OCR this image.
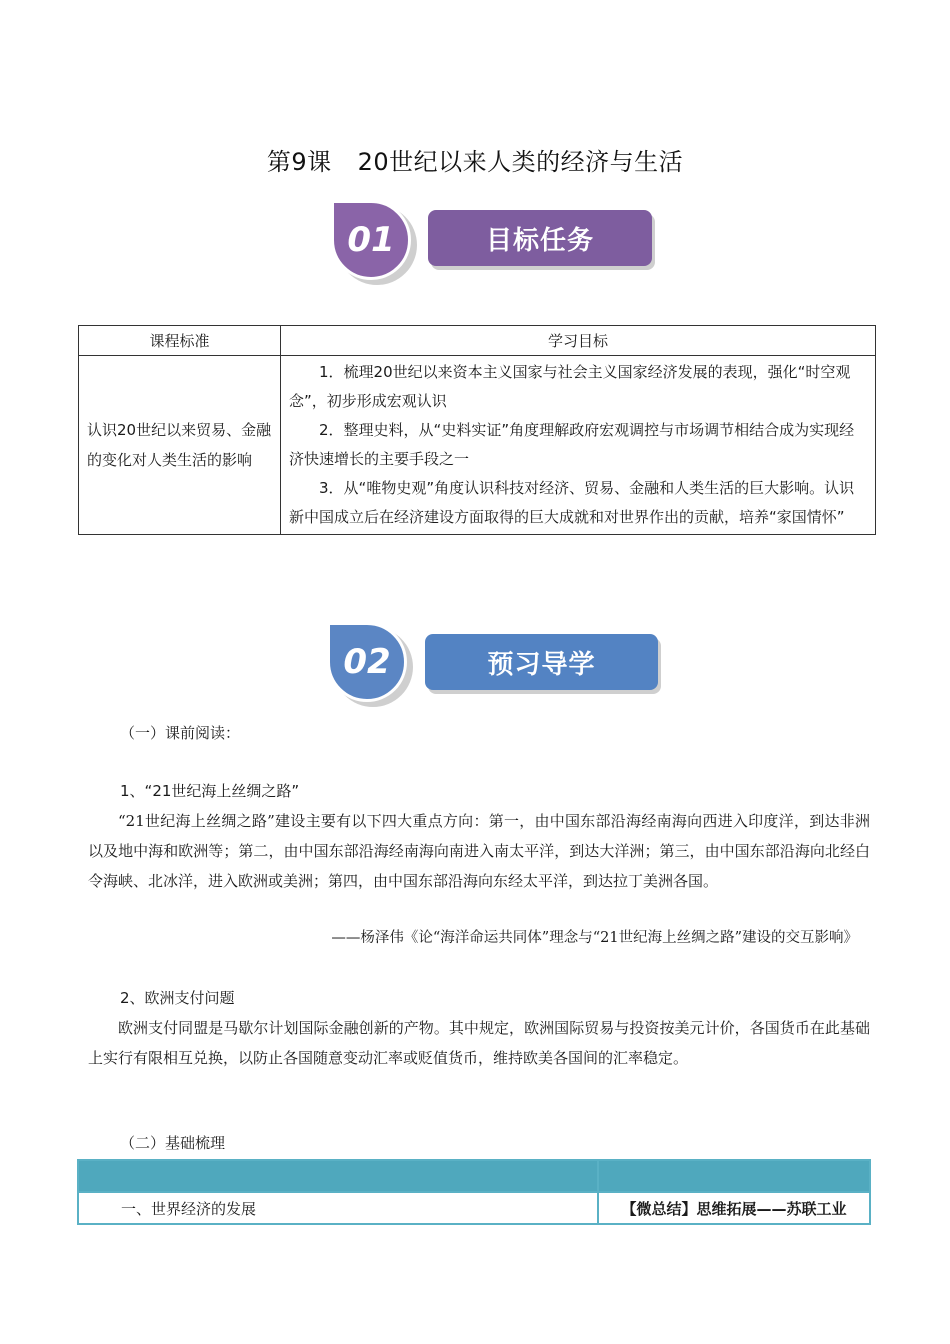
第9课 20世纪以来人类的经济与生活
01	目标任务
课程标准	学习目标
认识20世纪以来贸易、金融的变化对人类生活的影响	1．梳理20世纪以来资本主义国家与社会主义国家经济发展的表现，强化“时空观念”，初步形成宏观认识

2．整理史料，从“史料实证”角度理解政府宏观调控与市场调节相结合成为实现经济快速增长的主要手段之一

3．从“唯物史观”角度认识科技对经济、贸易、金融和人类生活的巨大影响。认识新中国成立后在经济建设方面取得的巨大成就和对世界作出的贡献，培养“家国情怀”

02	预习导学
（一）课前阅读：
1、“21世纪海上丝绸之路”
“21世纪海上丝绸之路”建设主要有以下四大重点方向：第一，由中国东部沿海经南海向西进入印度洋，到达非洲以及地中海和欧洲等；第二，由中国东部沿海经南海向南进入南太平洋，到达大洋洲；第三，由中国东部沿海向北经白令海峡、北冰洋，进入欧洲或美洲；第四，由中国东部沿海向东经太平洋，到达拉丁美洲各国。
——杨泽伟《论“海洋命运共同体”理念与“21世纪海上丝绸之路”建设的交互影响》
2、欧洲支付问题
欧洲支付同盟是马歇尔计划国际金融创新的产物。其中规定，欧洲国际贸易与投资按美元计价，各国货币在此基础上实行有限相互兑换，以防止各国随意变动汇率或贬值货币，维持欧美各国间的汇率稳定。
（二）基础梳理

一、世界经济的发展	【微总结】思维拓展——苏联工业
